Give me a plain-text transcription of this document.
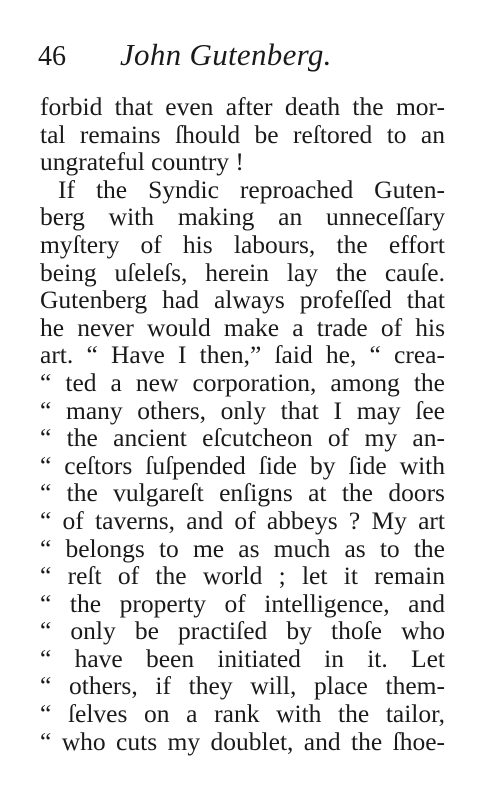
46 John Gutenberg.
forbid that even after death the mor-
tal remains ſhould be reſtored to an
ungrateful country !
If the Syndic reproached Guten-
berg with making an unneceſſary
myſtery of his labours, the effort
being uſeleſs, herein lay the cauſe.
Gutenberg had always profeſſed that
he never would make a trade of his
art. “ Have I then,” ſaid he, “ crea-
“ ted a new corporation, among the
“ many others, only that I may ſee
“ the ancient eſcutcheon of my an-
“ ceſtors ſuſpended ſide by ſide with
“ the vulgareſt enſigns at the doors
“ of taverns, and of abbeys ? My art
“ belongs to me as much as to the
“ reſt of the world ; let it remain
“ the property of intelligence, and
“ only be practiſed by thoſe who
“ have been initiated in it. Let
“ others, if they will, place them-
“ ſelves on a rank with the tailor,
“ who cuts my doublet, and the ſhoe-
